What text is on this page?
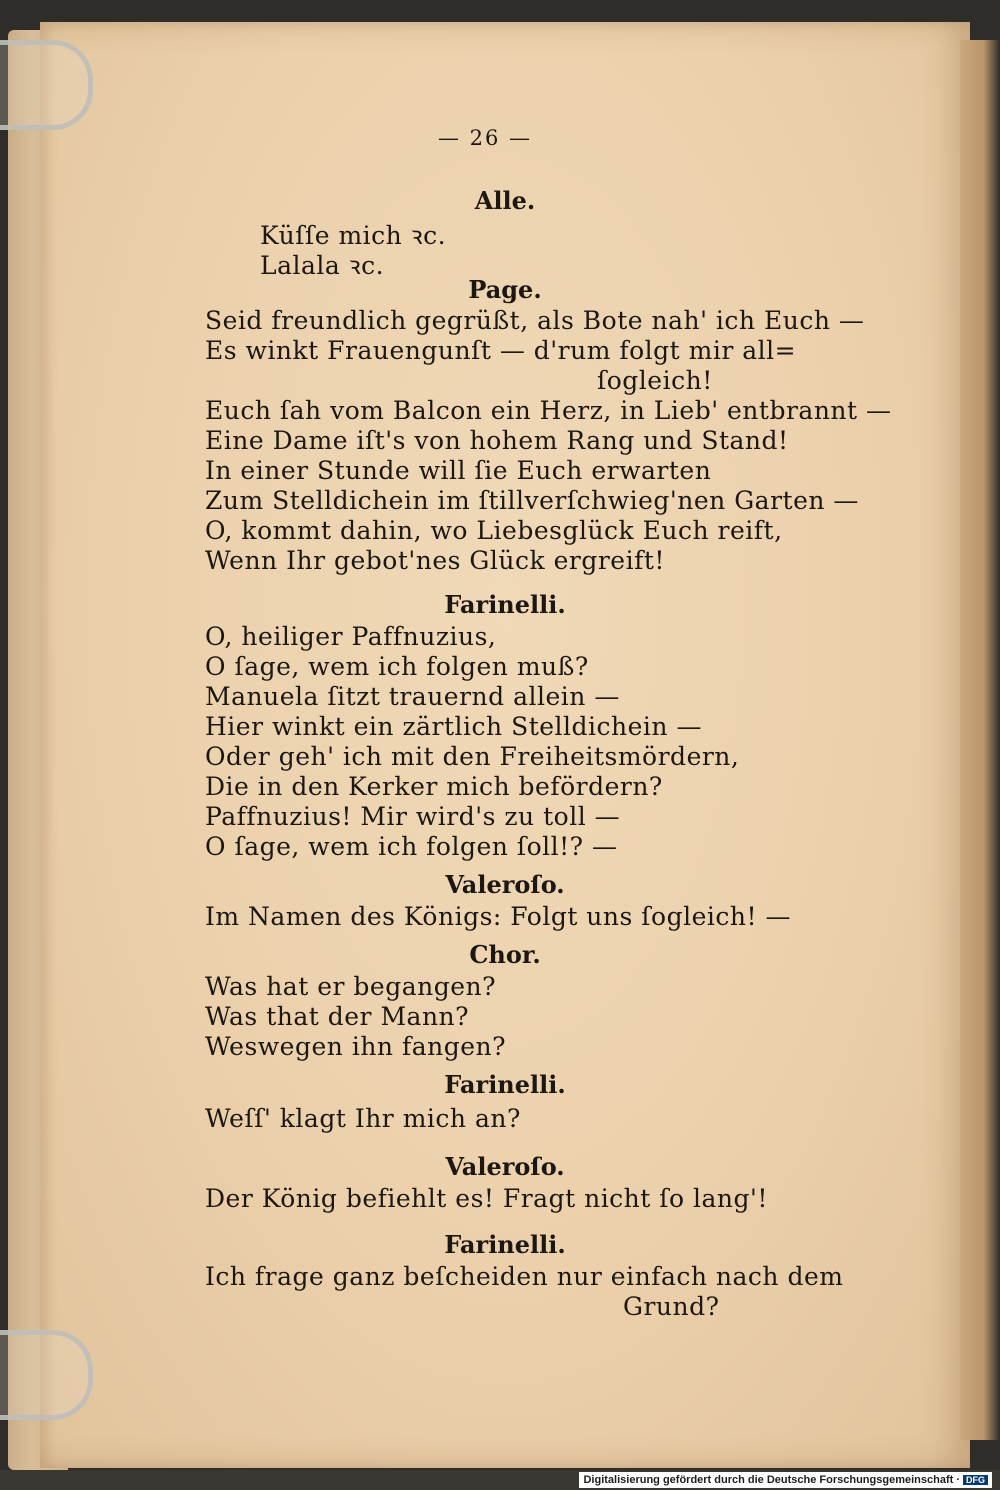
— 26 —
Alle.
Küſſe mich ꝛc.
Lalala ꝛc.
Page.
Seid freundlich gegrüßt, als Bote nah' ich Euch —
Es winkt Frauengunſt — d'rum folgt mir all=
ſogleich!
Euch ſah vom Balcon ein Herz, in Lieb' entbrannt —
Eine Dame iſt's von hohem Rang und Stand!
In einer Stunde will ſie Euch erwarten
Zum Stelldichein im ſtillverſchwieg'nen Garten —
O, kommt dahin, wo Liebesglück Euch reift,
Wenn Ihr gebot'nes Glück ergreift!
Farinelli.
O, heiliger Paffnuzius,
O ſage, wem ich folgen muß?
Manuela ſitzt trauernd allein —
Hier winkt ein zärtlich Stelldichein —
Oder geh' ich mit den Freiheitsmördern,
Die in den Kerker mich befördern?
Paffnuzius! Mir wird's zu toll —
O ſage, wem ich folgen ſoll!? —
Valeroſo.
Im Namen des Königs: Folgt uns ſogleich! —
Chor.
Was hat er begangen?
Was that der Mann?
Weswegen ihn fangen?
Farinelli.
Weſſ' klagt Ihr mich an?
Valeroſo.
Der König befiehlt es! Fragt nicht ſo lang'!
Farinelli.
Ich frage ganz beſcheiden nur einfach nach dem
Grund?
Digitalisierung gefördert durch die Deutsche Forschungsgemeinschaft · DFG
